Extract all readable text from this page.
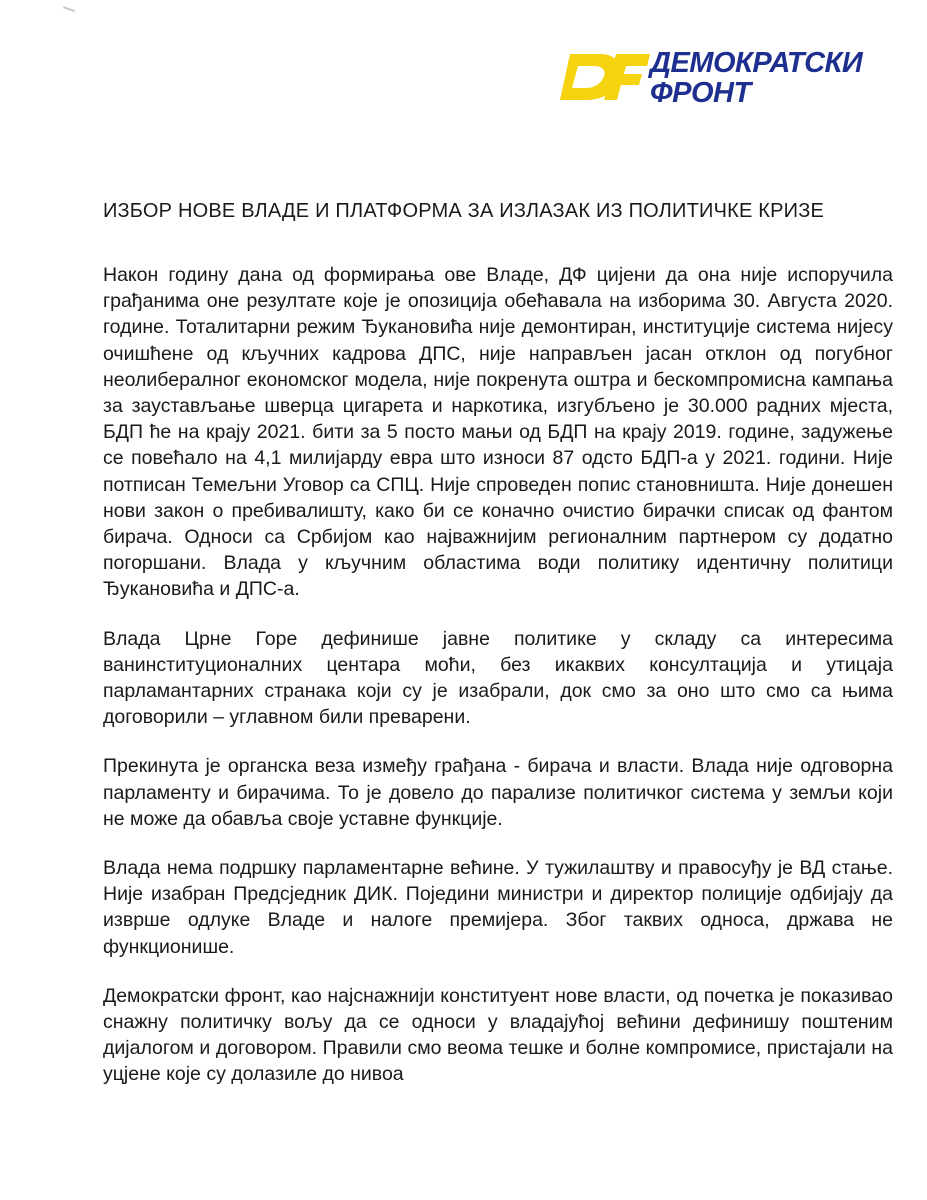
ДЕМОКРАТСКИ
ФРОНТ
ИЗБОР НОВЕ ВЛАДЕ И ПЛАТФОРМА ЗА ИЗЛАЗАК ИЗ ПОЛИТИЧКЕ КРИЗЕ

Након годину дана од формирања ове Владе, ДФ цијени да она није испоручила грађанима оне резултате које је опозиција обећавала на изборима 30. Августа 2020. године. Тоталитарни режим Ђукановића није демонтиран, институције система нијесу очишћене од кључних кадрова ДПС, није направљен јасан отклон од погубног неолибералног економског модела, није покренута оштра и бескомпромисна кампања за заустављање шверца цигарета и наркотика, изгубљено је 30.000 радних мјеста, БДП ће на крају 2021. бити за 5 посто мањи од БДП на крају 2019. године, задужење се повећало на 4,1 милијарду евра што износи 87 одсто БДП-а у 2021. години. Није потписан Темељни Уговор са СПЦ. Није спроведен попис становништа. Није донешен нови закон о пребивалишту, како би се коначно очистио бирачки списак од фантом бирача. Односи са Србијом као најважнијим регионалним партнером су додатно погоршани. Влада у кључним областима води политику идентичну политици Ђукановића и ДПС-а.

Влада Црне Горе дефинише јавне политике у складу са интересима ванинституционалних центара моћи, без икаквих консултација и утицаја парламантарних странака који су је изабрали, док смо за оно што смо са њима договорили – углавном били преварени.

Прекинута је органска веза између грађана - бирача и власти. Влада није одговорна парламенту и бирачима. То је довело до парализе политичког система у земљи који не може да обавља своје уставне функције.

Влада нема подршку парламентарне већине. У тужилаштву и правосуђу је ВД стање. Није изабран Предсједник ДИК. Поједини министри и директор полиције одбијају да изврше одлуке Владе и налоге премијера. Због таквих односа, држава не функционише.

Демократски фронт, као најснажнији конституент нове власти, од почетка је показивао снажну политичку вољу да се односи у владајућој већини дефинишу поштеним дијалогом и договором. Правили смо веома тешке и болне компромисе, пристајали на уцјене које су долазиле до нивоа
